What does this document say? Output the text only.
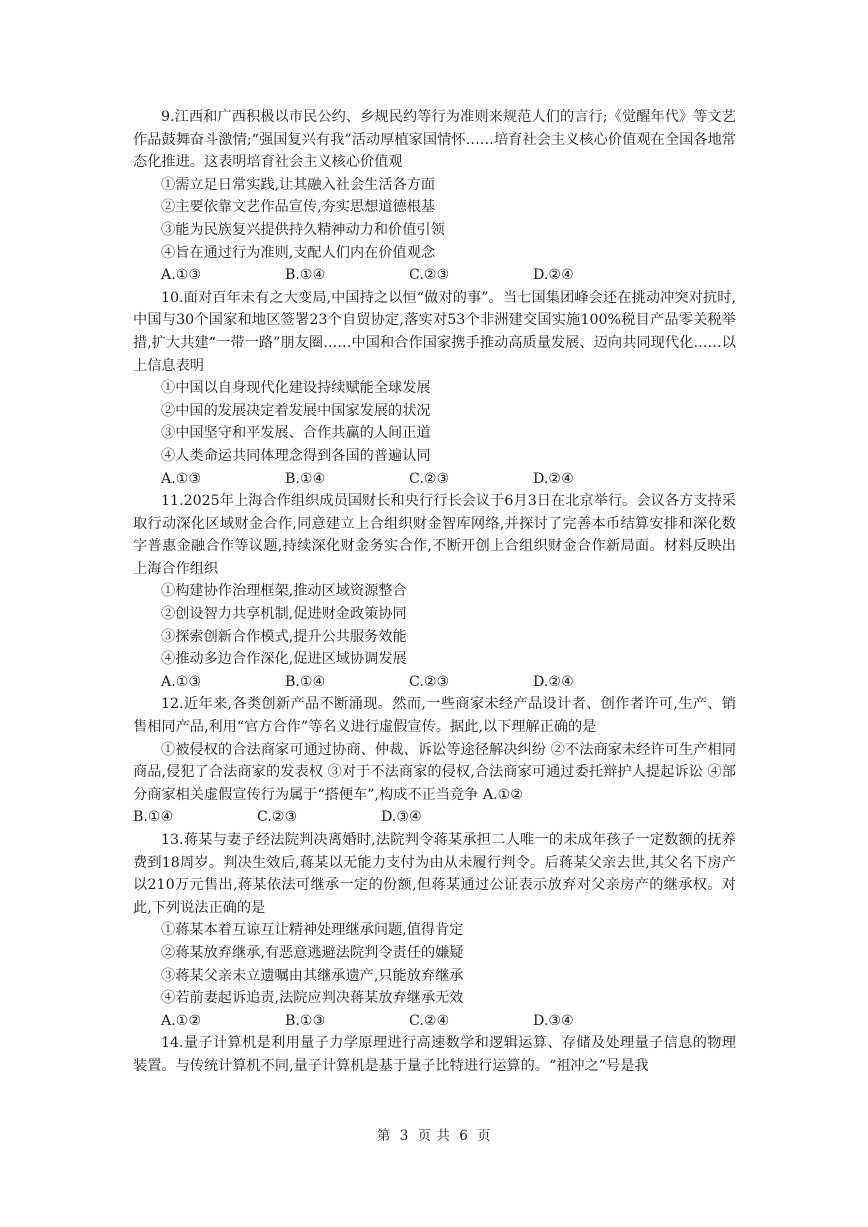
9.江西和广西积极以市民公约、乡规民约等行为准则来规范人们的言行;《觉醒年代》等文艺作品鼓舞奋斗激情;“强国复兴有我”活动厚植家国情怀……培育社会主义核心价值观在全国各地常态化推进。这表明培育社会主义核心价值观

①需立足日常实践,让其融入社会生活各方面

②主要依靠文艺作品宣传,夯实思想道德根基

③能为民族复兴提供持久精神动力和价值引领

④旨在通过行为准则,支配人们内在价值观念

A.①③	B.①④	C.②③	D.②④

10.面对百年未有之大变局,中国持之以恒“做对的事”。当七国集团峰会还在挑动冲突对抗时,中国与30个国家和地区签署23个自贸协定,落实对53个非洲建交国实施100%税目产品零关税举措,扩大共建“一带一路”朋友圈……中国和合作国家携手推动高质量发展、迈向共同现代化……以上信息表明

①中国以自身现代化建设持续赋能全球发展

②中国的发展决定着发展中国家发展的状况

③中国坚守和平发展、合作共赢的人间正道

④人类命运共同体理念得到各国的普遍认同

A.①③	B.①④	C.②③	D.②④

11.2025年上海合作组织成员国财长和央行行长会议于6月3日在北京举行。会议各方支持采取行动深化区域财金合作,同意建立上合组织财金智库网络,并探讨了完善本币结算安排和深化数字普惠金融合作等议题,持续深化财金务实合作,不断开创上合组织财金合作新局面。材料反映出上海合作组织

①构建协作治理框架,推动区域资源整合

②创设智力共享机制,促进财金政策协同

③探索创新合作模式,提升公共服务效能

④推动多边合作深化,促进区域协调发展

A.①③	B.①④	C.②③	D.②④

12.近年来,各类创新产品不断涌现。然而,一些商家未经产品设计者、创作者许可,生产、销售相同产品,利用“官方合作”等名义进行虚假宣传。据此,以下理解正确的是

①被侵权的合法商家可通过协商、仲裁、诉讼等途径解决纠纷 ②不法商家未经许可生产相同商品,侵犯了合法商家的发表权 ③对于不法商家的侵权,合法商家可通过委托辩护人提起诉讼 ④部分商家相关虚假宣传行为属于“搭便车”,构成不正当竞争 A.①②

B.①④	C.②③	D.③④

13.蒋某与妻子经法院判决离婚时,法院判令蒋某承担二人唯一的未成年孩子一定数额的抚养费到18周岁。判决生效后,蒋某以无能力支付为由从未履行判令。后蒋某父亲去世,其父名下房产以210万元售出,蒋某依法可继承一定的份额,但蒋某通过公证表示放弃对父亲房产的继承权。对此,下列说法正确的是

①蒋某本着互谅互让精神处理继承问题,值得肯定

②蒋某放弃继承,有恶意逃避法院判令责任的嫌疑

③蒋某父亲未立遗嘱由其继承遗产,只能放弃继承

④若前妻起诉追责,法院应判决蒋某放弃继承无效

A.①②	B.①③	C.②④	D.③④

14.量子计算机是利用量子力学原理进行高速数学和逻辑运算、存储及处理量子信息的物理装置。与传统计算机不同,量子计算机是基于量子比特进行运算的。“祖冲之”号是我

第 3 页 共 6 页
